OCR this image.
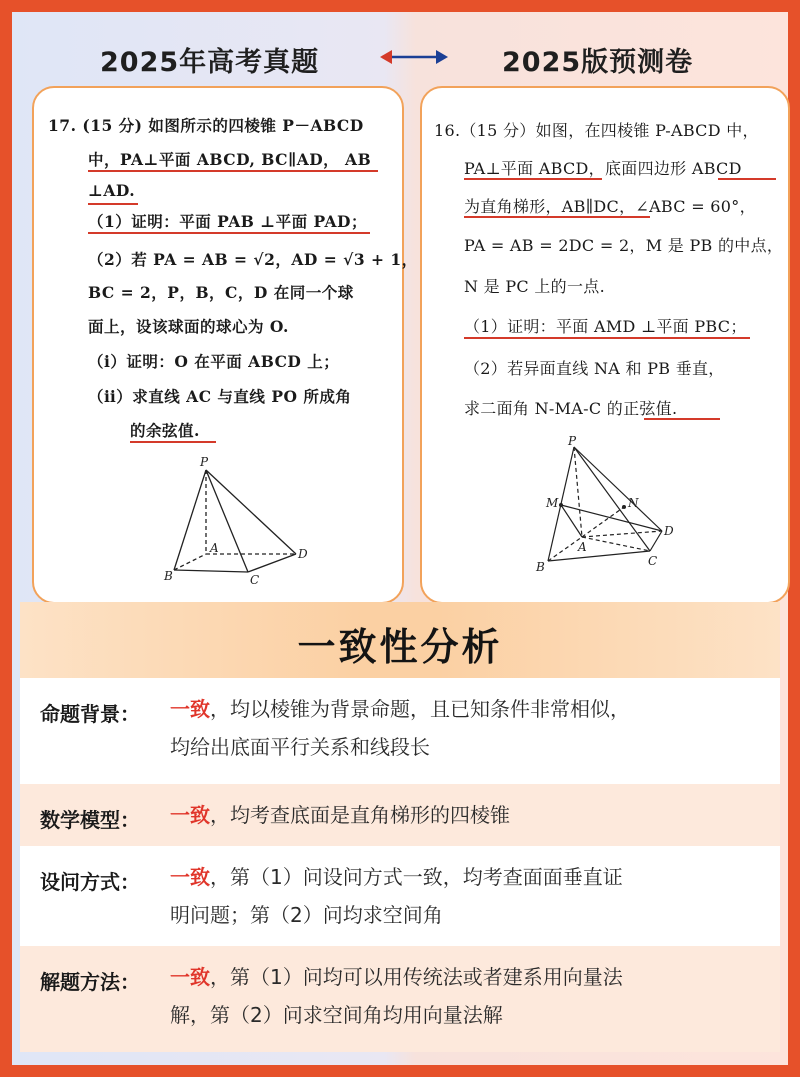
2025年高考真题	2025版预测卷
17. (15 分) 如图所示的四棱锥 P－ABCD
中，PA⊥平面 ABCD, BC∥AD， AB
⊥AD.
（1）证明：平面 PAB ⊥平面 PAD；
（2）若 PA = AB = √2，AD = √3 + 1，
BC = 2，P，B，C，D 在同一个球
面上，设该球面的球心为 O.
（ⅰ）证明：O 在平面 ABCD 上；
（ⅱ）求直线 AC 与直线 PO 所成角
的余弦值.
P
A
B	C
D
16.（15 分）如图，在四棱锥 P-ABCD 中，
PA⊥平面 ABCD，底面四边形 ABCD
为直角梯形，AB∥DC，∠ABC = 60°，
PA = AB = 2DC = 2，M 是 PB 的中点，
N 是 PC 上的一点.
（1）证明：平面 AMD ⊥平面 PBC；
（2）若异面直线 NA 和 PB 垂直，
求二面角 N-MA-C 的正弦值.
P
M	N
A
B	C
D
一致性分析
命题背景： 一致，均以棱锥为背景命题，且已知条件非常相似，
均给出底面平行关系和线段长
数学模型： 一致，均考查底面是直角梯形的四棱锥
设问方式： 一致，第（1）问设问方式一致，均考查面面垂直证
明问题；第（2）问均求空间角
解题方法： 一致，第（1）问均可以用传统法或者建系用向量法
解，第（2）问求空间角均用向量法解
